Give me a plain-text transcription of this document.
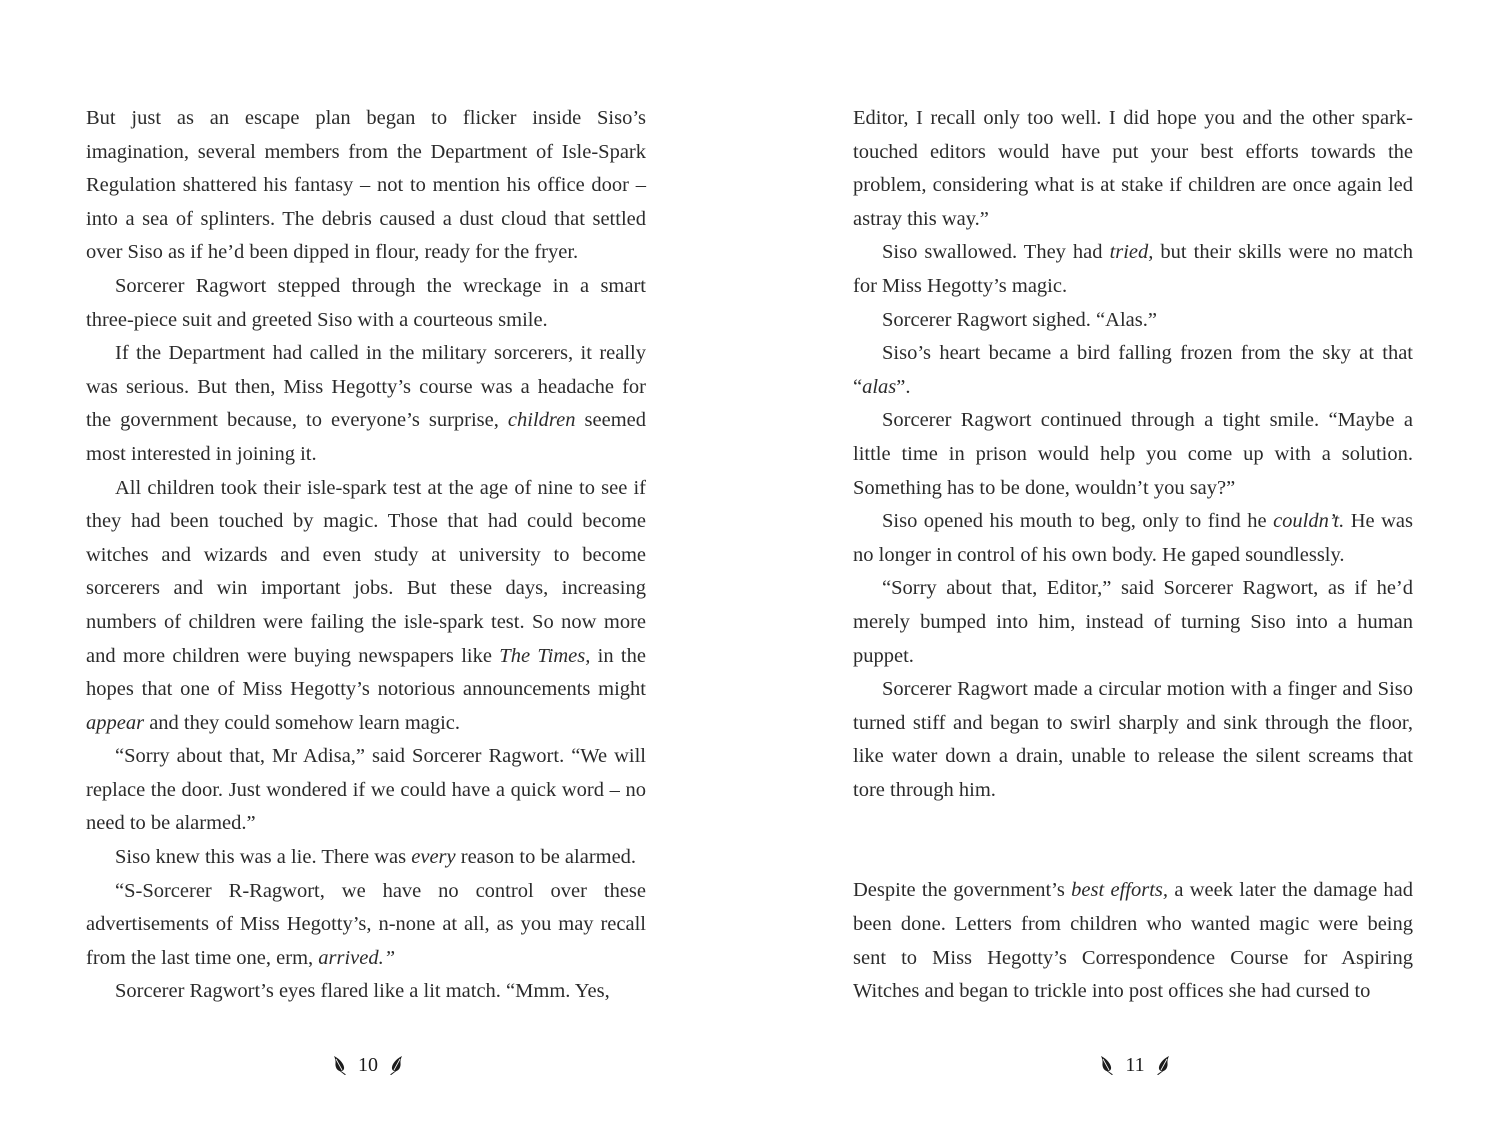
But just as an escape plan began to flicker inside Siso’s imagination, several members from the Department of Isle-Spark Regulation shattered his fantasy – not to mention his office door – into a sea of splinters. The debris caused a dust cloud that settled over Siso as if he’d been dipped in flour, ready for the fryer.

Sorcerer Ragwort stepped through the wreckage in a smart three-piece suit and greeted Siso with a courteous smile.

If the Department had called in the military sorcerers, it really was serious. But then, Miss Hegotty’s course was a headache for the government because, to everyone’s surprise, children seemed most interested in joining it.

All children took their isle-spark test at the age of nine to see if they had been touched by magic. Those that had could become witches and wizards and even study at university to become sorcerers and win important jobs. But these days, increasing numbers of children were failing the isle-spark test. So now more and more children were buying newspapers like The Times, in the hopes that one of Miss Hegotty’s notorious announcements might appear and they could somehow learn magic.

“Sorry about that, Mr Adisa,” said Sorcerer Ragwort. “We will replace the door. Just wondered if we could have a quick word – no need to be alarmed.”

Siso knew this was a lie. There was every reason to be alarmed.

“S-Sorcerer R-Ragwort, we have no control over these advertisements of Miss Hegotty’s, n-none at all, as you may recall from the last time one, erm, arrived.”

Sorcerer Ragwort’s eyes flared like a lit match. “Mmm. Yes,

Editor, I recall only too well. I did hope you and the other spark-touched editors would have put your best efforts towards the problem, considering what is at stake if children are once again led astray this way.”

Siso swallowed. They had tried, but their skills were no match for Miss Hegotty’s magic.

Sorcerer Ragwort sighed. “Alas.”

Siso’s heart became a bird falling frozen from the sky at that “alas”.

Sorcerer Ragwort continued through a tight smile. “Maybe a little time in prison would help you come up with a solution. Something has to be done, wouldn’t you say?”

Siso opened his mouth to beg, only to find he couldn’t. He was no longer in control of his own body. He gaped soundlessly.

“Sorry about that, Editor,” said Sorcerer Ragwort, as if he’d merely bumped into him, instead of turning Siso into a human puppet.

Sorcerer Ragwort made a circular motion with a finger and Siso turned stiff and began to swirl sharply and sink through the floor, like water down a drain, unable to release the silent screams that tore through him.

Despite the government’s best efforts, a week later the damage had been done. Letters from children who wanted magic were being sent to Miss Hegotty’s Correspondence Course for Aspiring Witches and began to trickle into post offices she had cursed to

10	11
